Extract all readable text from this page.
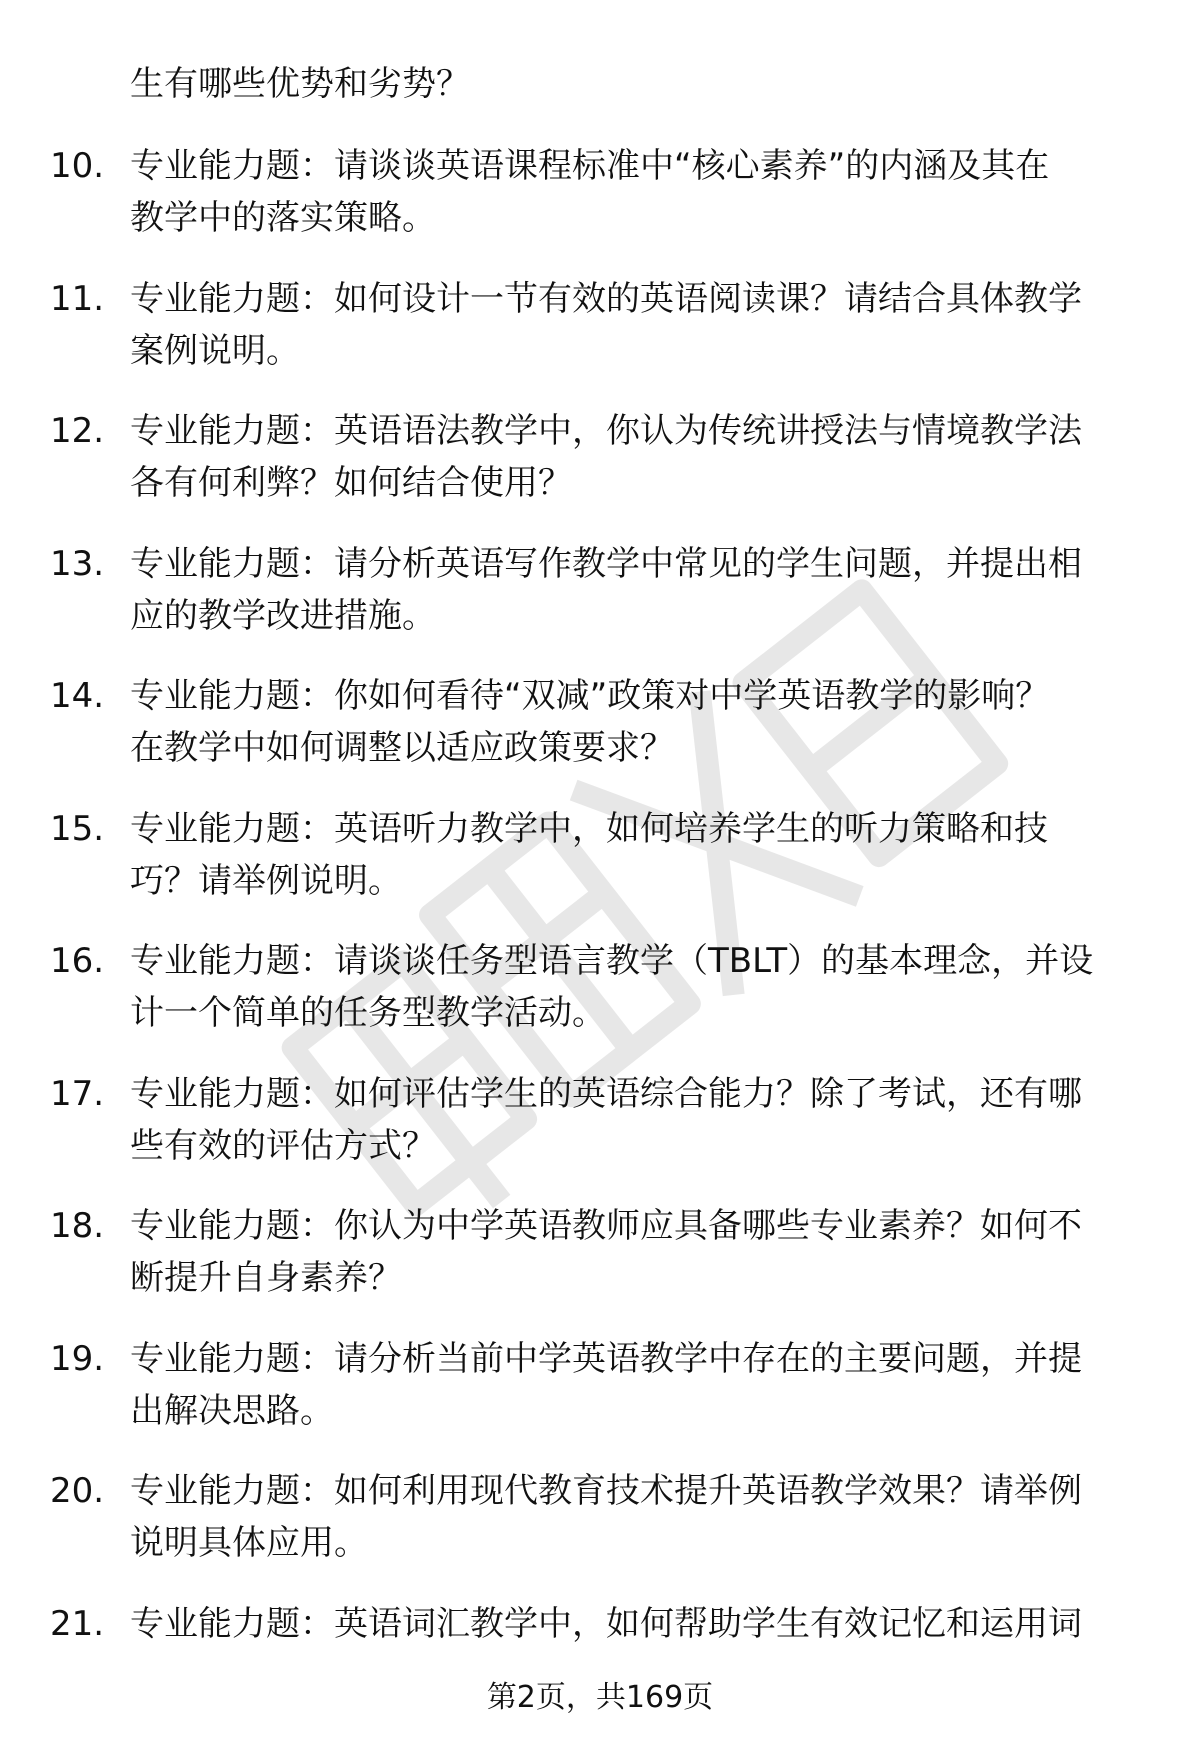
生有哪些优势和劣势？
10. 专业能力题：请谈谈英语课程标准中“核心素养”的内涵及其在
教学中的落实策略。
11. 专业能力题：如何设计一节有效的英语阅读课？请结合具体教学
案例说明。
12. 专业能力题：英语语法教学中，你认为传统讲授法与情境教学法
各有何利弊？如何结合使用？
13. 专业能力题：请分析英语写作教学中常见的学生问题，并提出相
应的教学改进措施。
14. 专业能力题：你如何看待“双减”政策对中学英语教学的影响？
在教学中如何调整以适应政策要求？
15. 专业能力题：英语听力教学中，如何培养学生的听力策略和技
巧？请举例说明。
16. 专业能力题：请谈谈任务型语言教学（TBLT）的基本理念，并设
计一个简单的任务型教学活动。
17. 专业能力题：如何评估学生的英语综合能力？除了考试，还有哪
些有效的评估方式？
18. 专业能力题：你认为中学英语教师应具备哪些专业素养？如何不
断提升自身素养？
19. 专业能力题：请分析当前中学英语教学中存在的主要问题，并提
出解决思路。
20. 专业能力题：如何利用现代教育技术提升英语教学效果？请举例
说明具体应用。
21. 专业能力题：英语词汇教学中，如何帮助学生有效记忆和运用词
第2页，共169页
